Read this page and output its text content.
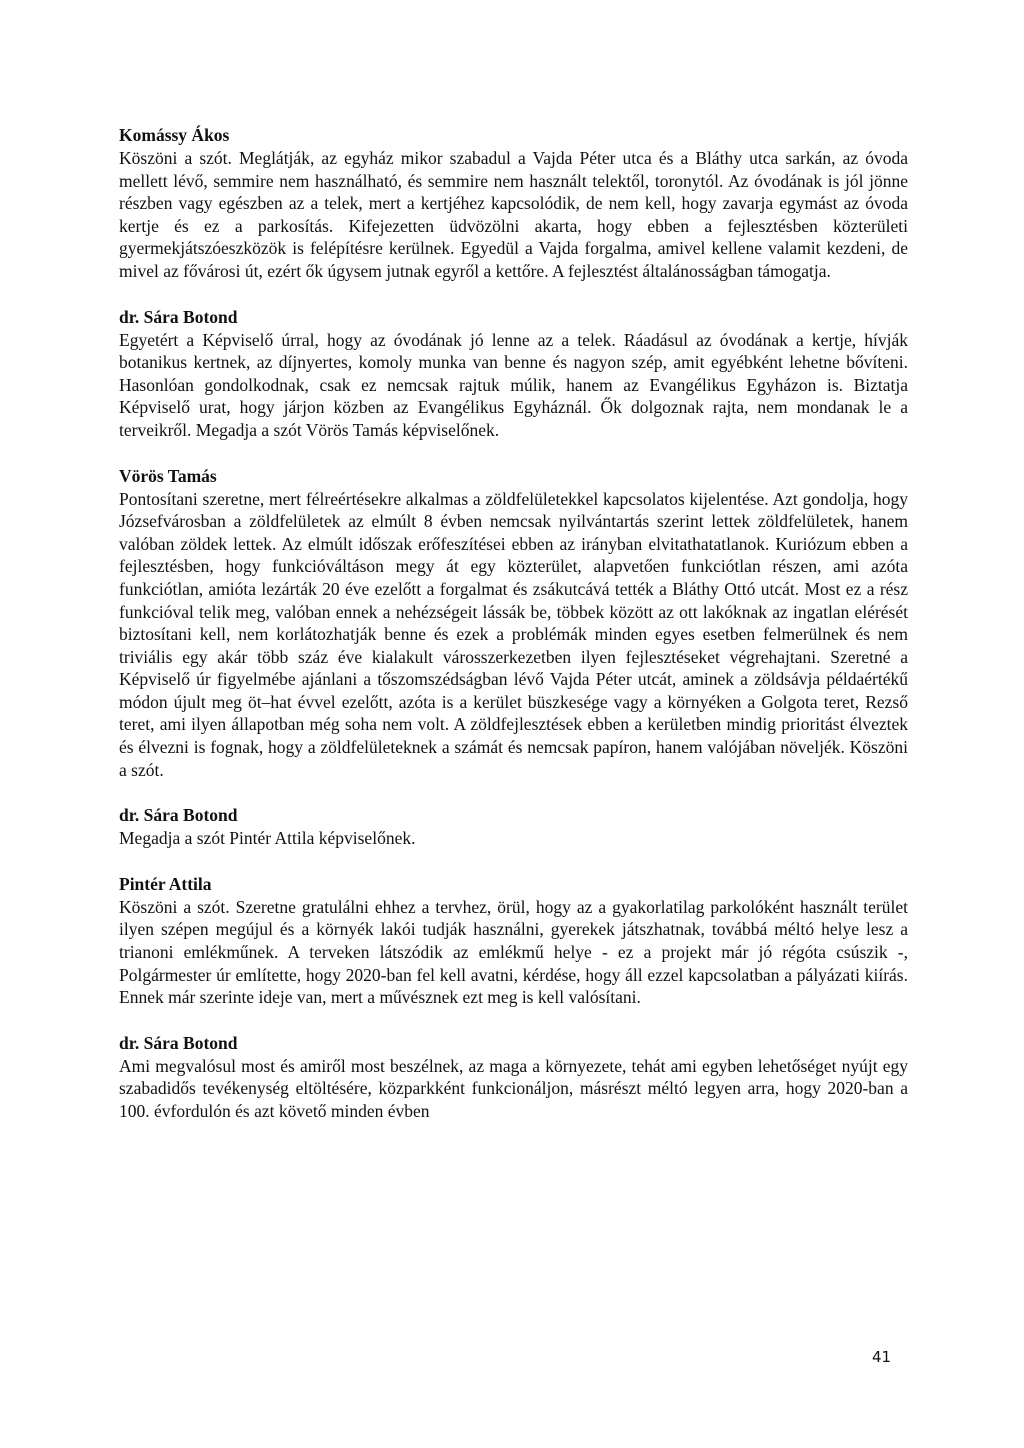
Komássy Ákos

Köszöni a szót. Meglátják, az egyház mikor szabadul a Vajda Péter utca és a Bláthy utca sarkán, az óvoda mellett lévő, semmire nem használható, és semmire nem használt telektől, toronytól. Az óvodának is jól jönne részben vagy egészben az a telek, mert a kertjéhez kapcsolódik, de nem kell, hogy zavarja egymást az óvoda kertje és ez a parkosítás. Kifejezetten üdvözölni akarta, hogy ebben a fejlesztésben közterületi gyermekjátszóeszközök is felépítésre kerülnek. Egyedül a Vajda forgalma, amivel kellene valamit kezdeni, de mivel az fővárosi út, ezért ők úgysem jutnak egyről a kettőre. A fejlesztést általánosságban támogatja.

dr. Sára Botond

Egyetért a Képviselő úrral, hogy az óvodának jó lenne az a telek. Ráadásul az óvodának a kertje, hívják botanikus kertnek, az díjnyertes, komoly munka van benne és nagyon szép, amit egyébként lehetne bővíteni. Hasonlóan gondolkodnak, csak ez nemcsak rajtuk múlik, hanem az Evangélikus Egyházon is. Biztatja Képviselő urat, hogy járjon közben az Evangélikus Egyháznál. Ők dolgoznak rajta, nem mondanak le a terveikről. Megadja a szót Vörös Tamás képviselőnek.

Vörös Tamás

Pontosítani szeretne, mert félreértésekre alkalmas a zöldfelületekkel kapcsolatos kijelentése. Azt gondolja, hogy Józsefvárosban a zöldfelületek az elmúlt 8 évben nemcsak nyilvántartás szerint lettek zöldfelületek, hanem valóban zöldek lettek. Az elmúlt időszak erőfeszítései ebben az irányban elvitathatatlanok. Kuriózum ebben a fejlesztésben, hogy funkcióváltáson megy át egy közterület, alapvetően funkciótlan részen, ami azóta funkciótlan, amióta lezárták 20 éve ezelőtt a forgalmat és zsákutcává tették a Bláthy Ottó utcát. Most ez a rész funkcióval telik meg, valóban ennek a nehézségeit lássák be, többek között az ott lakóknak az ingatlan elérését biztosítani kell, nem korlátozhatják benne és ezek a problémák minden egyes esetben felmerülnek és nem triviális egy akár több száz éve kialakult városszerkezetben ilyen fejlesztéseket végrehajtani. Szeretné a Képviselő úr figyelmébe ajánlani a tőszomszédságban lévő Vajda Péter utcát, aminek a zöldsávja példaértékű módon újult meg öt–hat évvel ezelőtt, azóta is a kerület büszkesége vagy a környéken a Golgota teret, Rezső teret, ami ilyen állapotban még soha nem volt. A zöldfejlesztések ebben a kerületben mindig prioritást élveztek és élvezni is fognak, hogy a zöldfelületeknek a számát és nemcsak papíron, hanem valójában növeljék. Köszöni a szót.

dr. Sára Botond

Megadja a szót Pintér Attila képviselőnek.

Pintér Attila

Köszöni a szót. Szeretne gratulálni ehhez a tervhez, örül, hogy az a gyakorlatilag parkolóként használt terület ilyen szépen megújul és a környék lakói tudják használni, gyerekek játszhatnak, továbbá méltó helye lesz a trianoni emlékműnek. A terveken látszódik az emlékmű helye - ez a projekt már jó régóta csúszik -, Polgármester úr említette, hogy 2020-ban fel kell avatni, kérdése, hogy áll ezzel kapcsolatban a pályázati kiírás. Ennek már szerinte ideje van, mert a művésznek ezt meg is kell valósítani.

dr. Sára Botond

Ami megvalósul most és amiről most beszélnek, az maga a környezete, tehát ami egyben lehetőséget nyújt egy szabadidős tevékenység eltöltésére, közparkként funkcionáljon, másrészt méltó legyen arra, hogy 2020-ban a 100. évfordulón és azt követő minden évben

41
